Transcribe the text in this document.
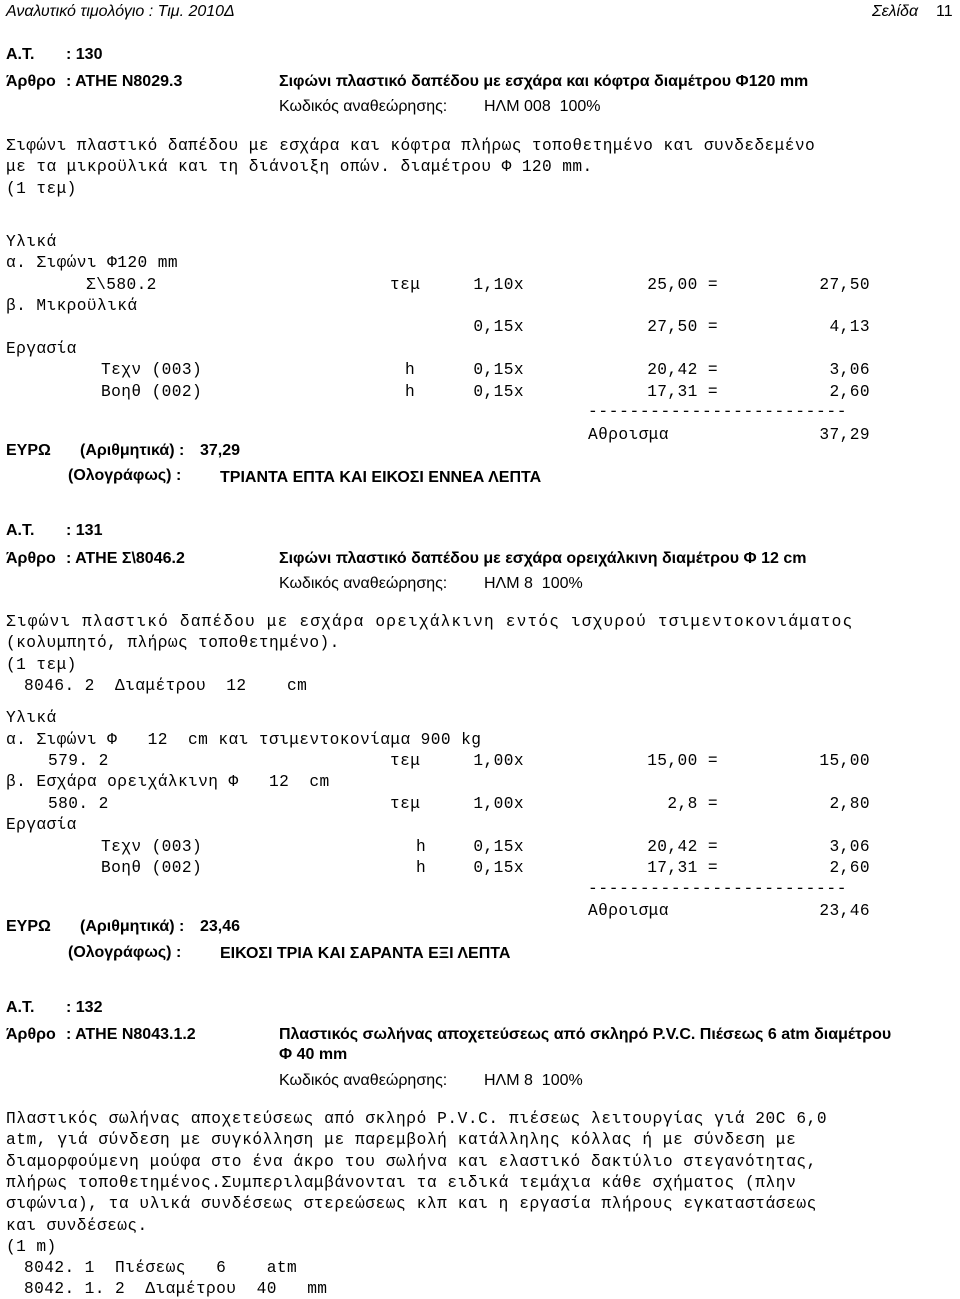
Αναλυτικό τιμολόγιο : Τιμ. 2010Δ	Σελίδα 11
Α.Τ. : 130
Άρθρο : ΑΤΗΕ Ν8029.3	Σιφώνι πλαστικό δαπέδου με εσχάρα και κόφτρα διαμέτρου Φ120 mm
Κωδικός αναθεώρησης: ΗΛΜ 008  100%
Σιφώνι πλαστικό δαπέδου με εσχάρα και κόφτρα πλήρως τοποθετημένο και συνδεδεμένο
με τα μικροϋλικά και τη διάνοιξη οπών. διαμέτρου Φ 120 mm.
(1 τεμ)
Υλικά
α. Σιφώνι Φ120 mm
Σ\580.2	τεμ	1,10x	25,00 =	27,50
β. Μικροϋλικά
0,15x	27,50 =	4,13
Εργασία
Τεχν (003)	h	0,15x	20,42 =	3,06
Βοηθ (002)	h	0,15x	17,31 =	2,60
-------------------------
Αθροισμα	37,29
ΕΥΡΩ (Αριθμητικά) : 37,29
(Ολογράφως) : ΤΡΙΑΝΤΑ ΕΠΤΑ ΚΑΙ ΕΙΚΟΣΙ ΕΝΝΕΑ ΛΕΠΤΑ
Α.Τ. : 131
Άρθρο : ΑΤΗΕ Σ\8046.2	Σιφώνι πλαστικό δαπέδου με εσχάρα ορειχάλκινη διαμέτρου Φ 12 cm
Κωδικός αναθεώρησης: ΗΛΜ 8  100%
Σιφώνι πλαστικό δαπέδου με εσχάρα ορειχάλκινη εντός ισχυρού τσιμεντοκονιάματος
(κολυμπητό, πλήρως τοποθετημένο).
(1 τεμ)
8046. 2  Διαμέτρου  12    cm
Υλικά
α. Σιφώνι Φ   12  cm και τσιμεντοκονίαμα 900 kg
579. 2	τεμ	1,00x	15,00 =	15,00
β. Εσχάρα ορειχάλκινη Φ   12  cm
580. 2	τεμ	1,00x	2,8 =	2,80
Εργασία
Τεχν (003)	h	0,15x	20,42 =	3,06
Βοηθ (002)	h	0,15x	17,31 =	2,60
-------------------------
Αθροισμα	23,46
ΕΥΡΩ (Αριθμητικά) : 23,46
(Ολογράφως) : ΕΙΚΟΣΙ ΤΡΙΑ ΚΑΙ ΣΑΡΑΝΤΑ ΕΞΙ ΛΕΠΤΑ
Α.Τ. : 132
Άρθρο : ΑΤΗΕ Ν8043.1.2	Πλαστικός σωλήνας αποχετεύσεως από σκληρό P.V.C. Πιέσεως 6 atm διαμέτρου
Φ 40 mm
Κωδικός αναθεώρησης: ΗΛΜ 8  100%
Πλαστικός σωλήνας αποχετεύσεως από σκληρό P.V.C. πιέσεως λειτουργίας γιά 20C 6,0
atm, γιά σύνδεση με συγκόλληση με παρεμβολή κατάλληλης κόλλας ή με σύνδεση με
διαμορφούμενη μούφα στο ένα άκρο του σωλήνα και ελαστικό δακτύλιο στεγανότητας,
πλήρως τοποθετημένος.Συμπεριλαμβάνονται τα ειδικά τεμάχια κάθε σχήματος (πλην
σιφώνια), τα υλικά συνδέσεως στερεώσεως κλπ και η εργασία πλήρους εγκαταστάσεως
και συνδέσεως.
(1 m)
8042. 1  Πιέσεως   6    atm
8042. 1. 2  Διαμέτρου  40   mm
